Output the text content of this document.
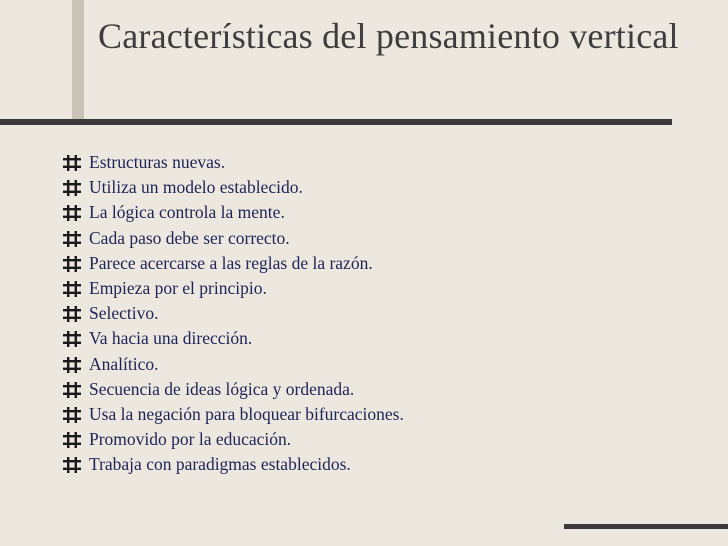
Características del pensamiento vertical
Estructuras nuevas.
Utiliza un modelo establecido.
La lógica controla la mente.
Cada paso debe ser correcto.
Parece acercarse a las reglas de la razón.
Empieza por el principio.
Selectivo.
Va hacia una dirección.
Analítico.
Secuencia de ideas lógica y ordenada.
Usa la negación para bloquear bifurcaciones.
Promovido por la educación.
Trabaja con paradigmas establecidos.
